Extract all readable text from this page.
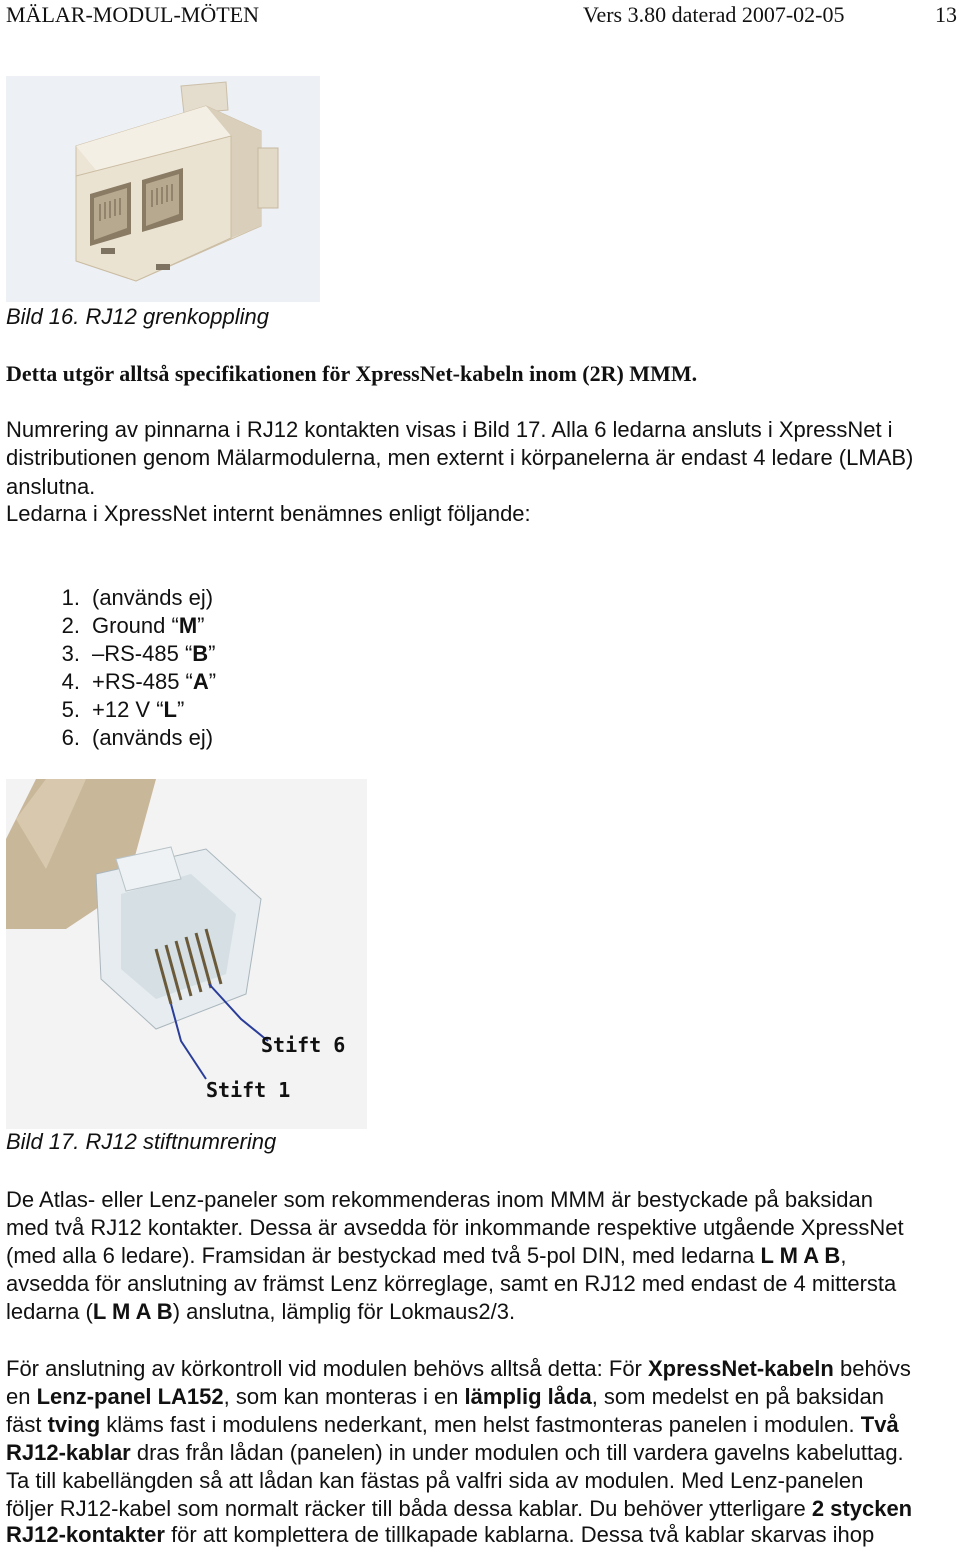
MÄLAR-MODUL-MÖTEN	Vers 3.80 daterad 2007-02-05	13
Bild 16. RJ12 grenkoppling
Detta utgör alltså specifikationen för XpressNet-kabeln inom (2R) MMM.
Numrering av pinnarna i RJ12 kontakten visas i Bild 17. Alla 6 ledarna ansluts i XpressNet i
distributionen genom Mälarmodulerna, men externt i körpanelerna är endast 4 ledare (LMAB)
anslutna.
Ledarna i XpressNet internt benämnes enligt följande:
1. (används ej)
2. Ground “M”
3. –RS-485 “B”
4. +RS-485 “A”
5. +12 V “L”
6. (används ej)
Stift 6
Stift 1
Bild 17. RJ12 stiftnumrering
De Atlas- eller Lenz-paneler som rekommenderas inom MMM är bestyckade på baksidan
med två RJ12 kontakter. Dessa är avsedda för inkommande respektive utgående XpressNet
(med alla 6 ledare). Framsidan är bestyckad med två 5-pol DIN, med ledarna L M A B,
avsedda för anslutning av främst Lenz körreglage, samt en RJ12 med endast de 4 mittersta
ledarna (L M A B) anslutna, lämplig för Lokmaus2/3.
För anslutning av körkontroll vid modulen behövs alltså detta: För XpressNet-kabeln behövs
en Lenz-panel LA152, som kan monteras i en lämplig låda, som medelst en på baksidan
fäst tving kläms fast i modulens nederkant, men helst fastmonteras panelen i modulen. Två
RJ12-kablar dras från lådan (panelen) in under modulen och till vardera gavelns kabeluttag.
Ta till kabellängden så att lådan kan fästas på valfri sida av modulen. Med Lenz-panelen
följer RJ12-kabel som normalt räcker till båda dessa kablar. Du behöver ytterligare 2 stycken
RJ12-kontakter för att komplettera de tillkapade kablarna. Dessa två kablar skarvas ihop
